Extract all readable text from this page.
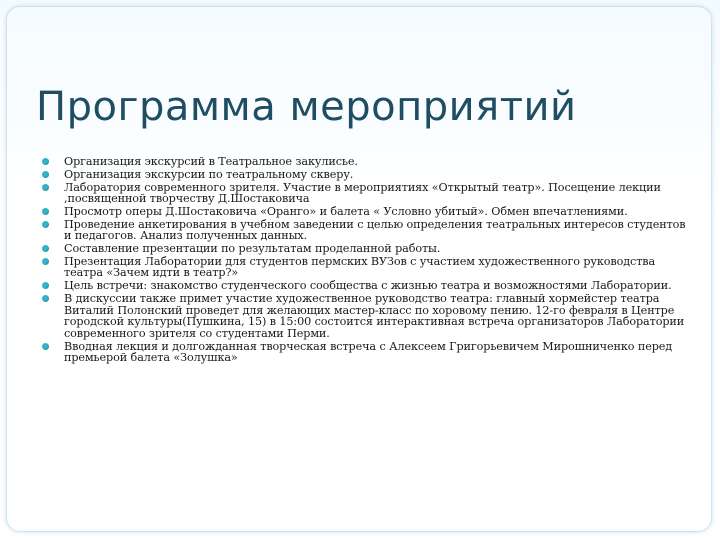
Программа мероприятий
Организация экскурсий в Театральное закулисье.
Организация экскурсии по театральному скверу.
Лаборатория современного зрителя. Участие в мероприятиях «Открытый театр». Посещение лекции ,посвященной творчеству Д.Шостаковича
Просмотр оперы Д.Шостаковича «Оранго» и балета « Условно убитый». Обмен впечатлениями.
Проведение анкетирования в учебном заведении с целью определения театральных интересов студентов и педагогов. Анализ полученных данных.
Составление презентации по результатам проделанной работы.
Презентация Лаборатории для студентов пермских ВУЗов с участием художественного руководства театра «Зачем идти в театр?»
Цель встречи: знакомство студенческого сообщества с жизнью театра и возможностями Лаборатории.
В дискуссии также примет участие художественное руководство театра: главный хормейстер театра Виталий Полонский проведет для желающих мастер-класс по хоровому пению. 12-го февраля в Центре городской культуры(Пушкина, 15) в 15:00 состоится интерактивная встреча организаторов Лаборатории современного зрителя со студентами Перми.
Вводная лекция и долгожданная творческая встреча с Алексеем Григорьевичем Мирошниченко перед премьерой балета «Золушка»
